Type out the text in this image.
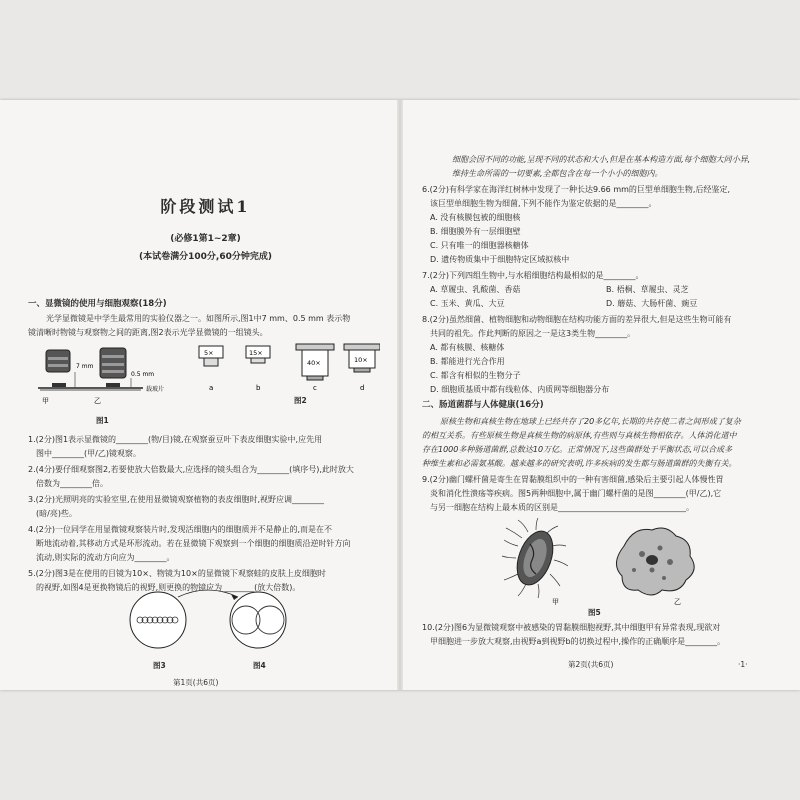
阶段测试1
(必修1第1~2章)
(本试卷满分100分,60分钟完成)
一、显微镜的使用与细胞观察(18分)
光学显微镜是中学生最常用的实验仪器之一。如图所示,图1中7 mm、0.5 mm 表示物
镜清晰时物镜与观察物之间的距离,图2表示光学显微镜的一组镜头。
7 mm
0.5 mm
载玻片
甲	乙
图1
5×	15×
40×	10×
a	b	c	d
图2
1.(2分)图1表示显微镜的________(物/目)镜,在观察蚕豆叶下表皮细胞实验中,应先用
图中________(甲/乙)镜观察。
2.(4分)要仔细观察图2,若要使放大倍数最大,应选择的镜头组合为________(填序号),此时放大
倍数为________倍。
3.(2分)光照明亮的实验室里,在使用显微镜观察植物的表皮细胞时,视野应调________
(暗/亮)些。
4.(2分)一位同学在用显微镜观察装片时,发现活细胞内的细胞质并不是静止的,而是在不
断地流动着,其移动方式是环形流动。若在显微镜下观察到一个细胞的细胞质沿逆时针方向
流动,则实际的流动方向应为________。
5.(2分)图3是在使用的目镜为10×、物镜为10×的显微镜下观察蛙的皮肤上皮细胞时
的视野,如图4是更换物镜后的视野,则更换的物镜应为________(放大倍数)。
图3	图4
第1页(共6页)
细胞会因不同的功能,呈现不同的状态和大小,但是在基本构造方面,每个细胞大同小异,
维持生命所需的一切要素,全都包含在每一个小小的细胞内。
6.(2分)有科学家在海洋红树林中发现了一种长达9.66 mm的巨型单细胞生物,后经鉴定,
该巨型单细胞生物为细菌,下列不能作为鉴定依据的是________。
A. 没有核膜包被的细胞核
B. 细胞膜外有一层细胞壁
C. 只有唯一的细胞器核糖体
D. 遗传物质集中于细胞特定区域拟核中
7.(2分)下列四组生物中,与水稻细胞结构最相似的是________。
A. 草履虫、乳酸菌、香菇	B. 梧桐、草履虫、灵芝
C. 玉米、黄瓜、大豆	D. 蘑菇、大肠杆菌、豌豆
8.(2分)虽然细菌、植物细胞和动物细胞在结构功能方面的差异很大,但是这些生物可能有
共同的祖先。作此判断的原因之一是这3类生物________。
A. 都有核膜、核糖体
B. 都能进行光合作用
C. 都含有相似的生物分子
D. 细胞质基质中都有线粒体、内质网等细胞器分布
二、肠道菌群与人体健康(16分)
原核生物和真核生物在地球上已经共存了20多亿年,长期的共存使二者之间形成了复杂
的相互关系。有些原核生物是真核生物的病原体,有些则与真核生物相依存。人体消化道中
存在1000多种肠道菌群,总数达10万亿。正常情况下,这些菌群处于平衡状态,可以合成多
种维生素和必需氨基酸。越来越多的研究表明,许多疾病的发生都与肠道菌群的失衡有关。
9.(2分)幽门螺杆菌是寄生在胃黏膜组织中的一种有害细菌,感染后主要引起人体慢性胃
炎和消化性溃疡等疾病。图5两种细胞中,属于幽门螺杆菌的是图________(甲/乙),它
与另一细胞在结构上最本质的区别是________________________________。
甲	乙
图5
10.(2分)图6为显微镜观察中被感染的胃黏膜细胞视野,其中细胞甲有异常表现,现欲对
甲细胞进一步放大观察,由视野a到视野b的切换过程中,操作的正确顺序是________。
第2页(共6页)	·1·
